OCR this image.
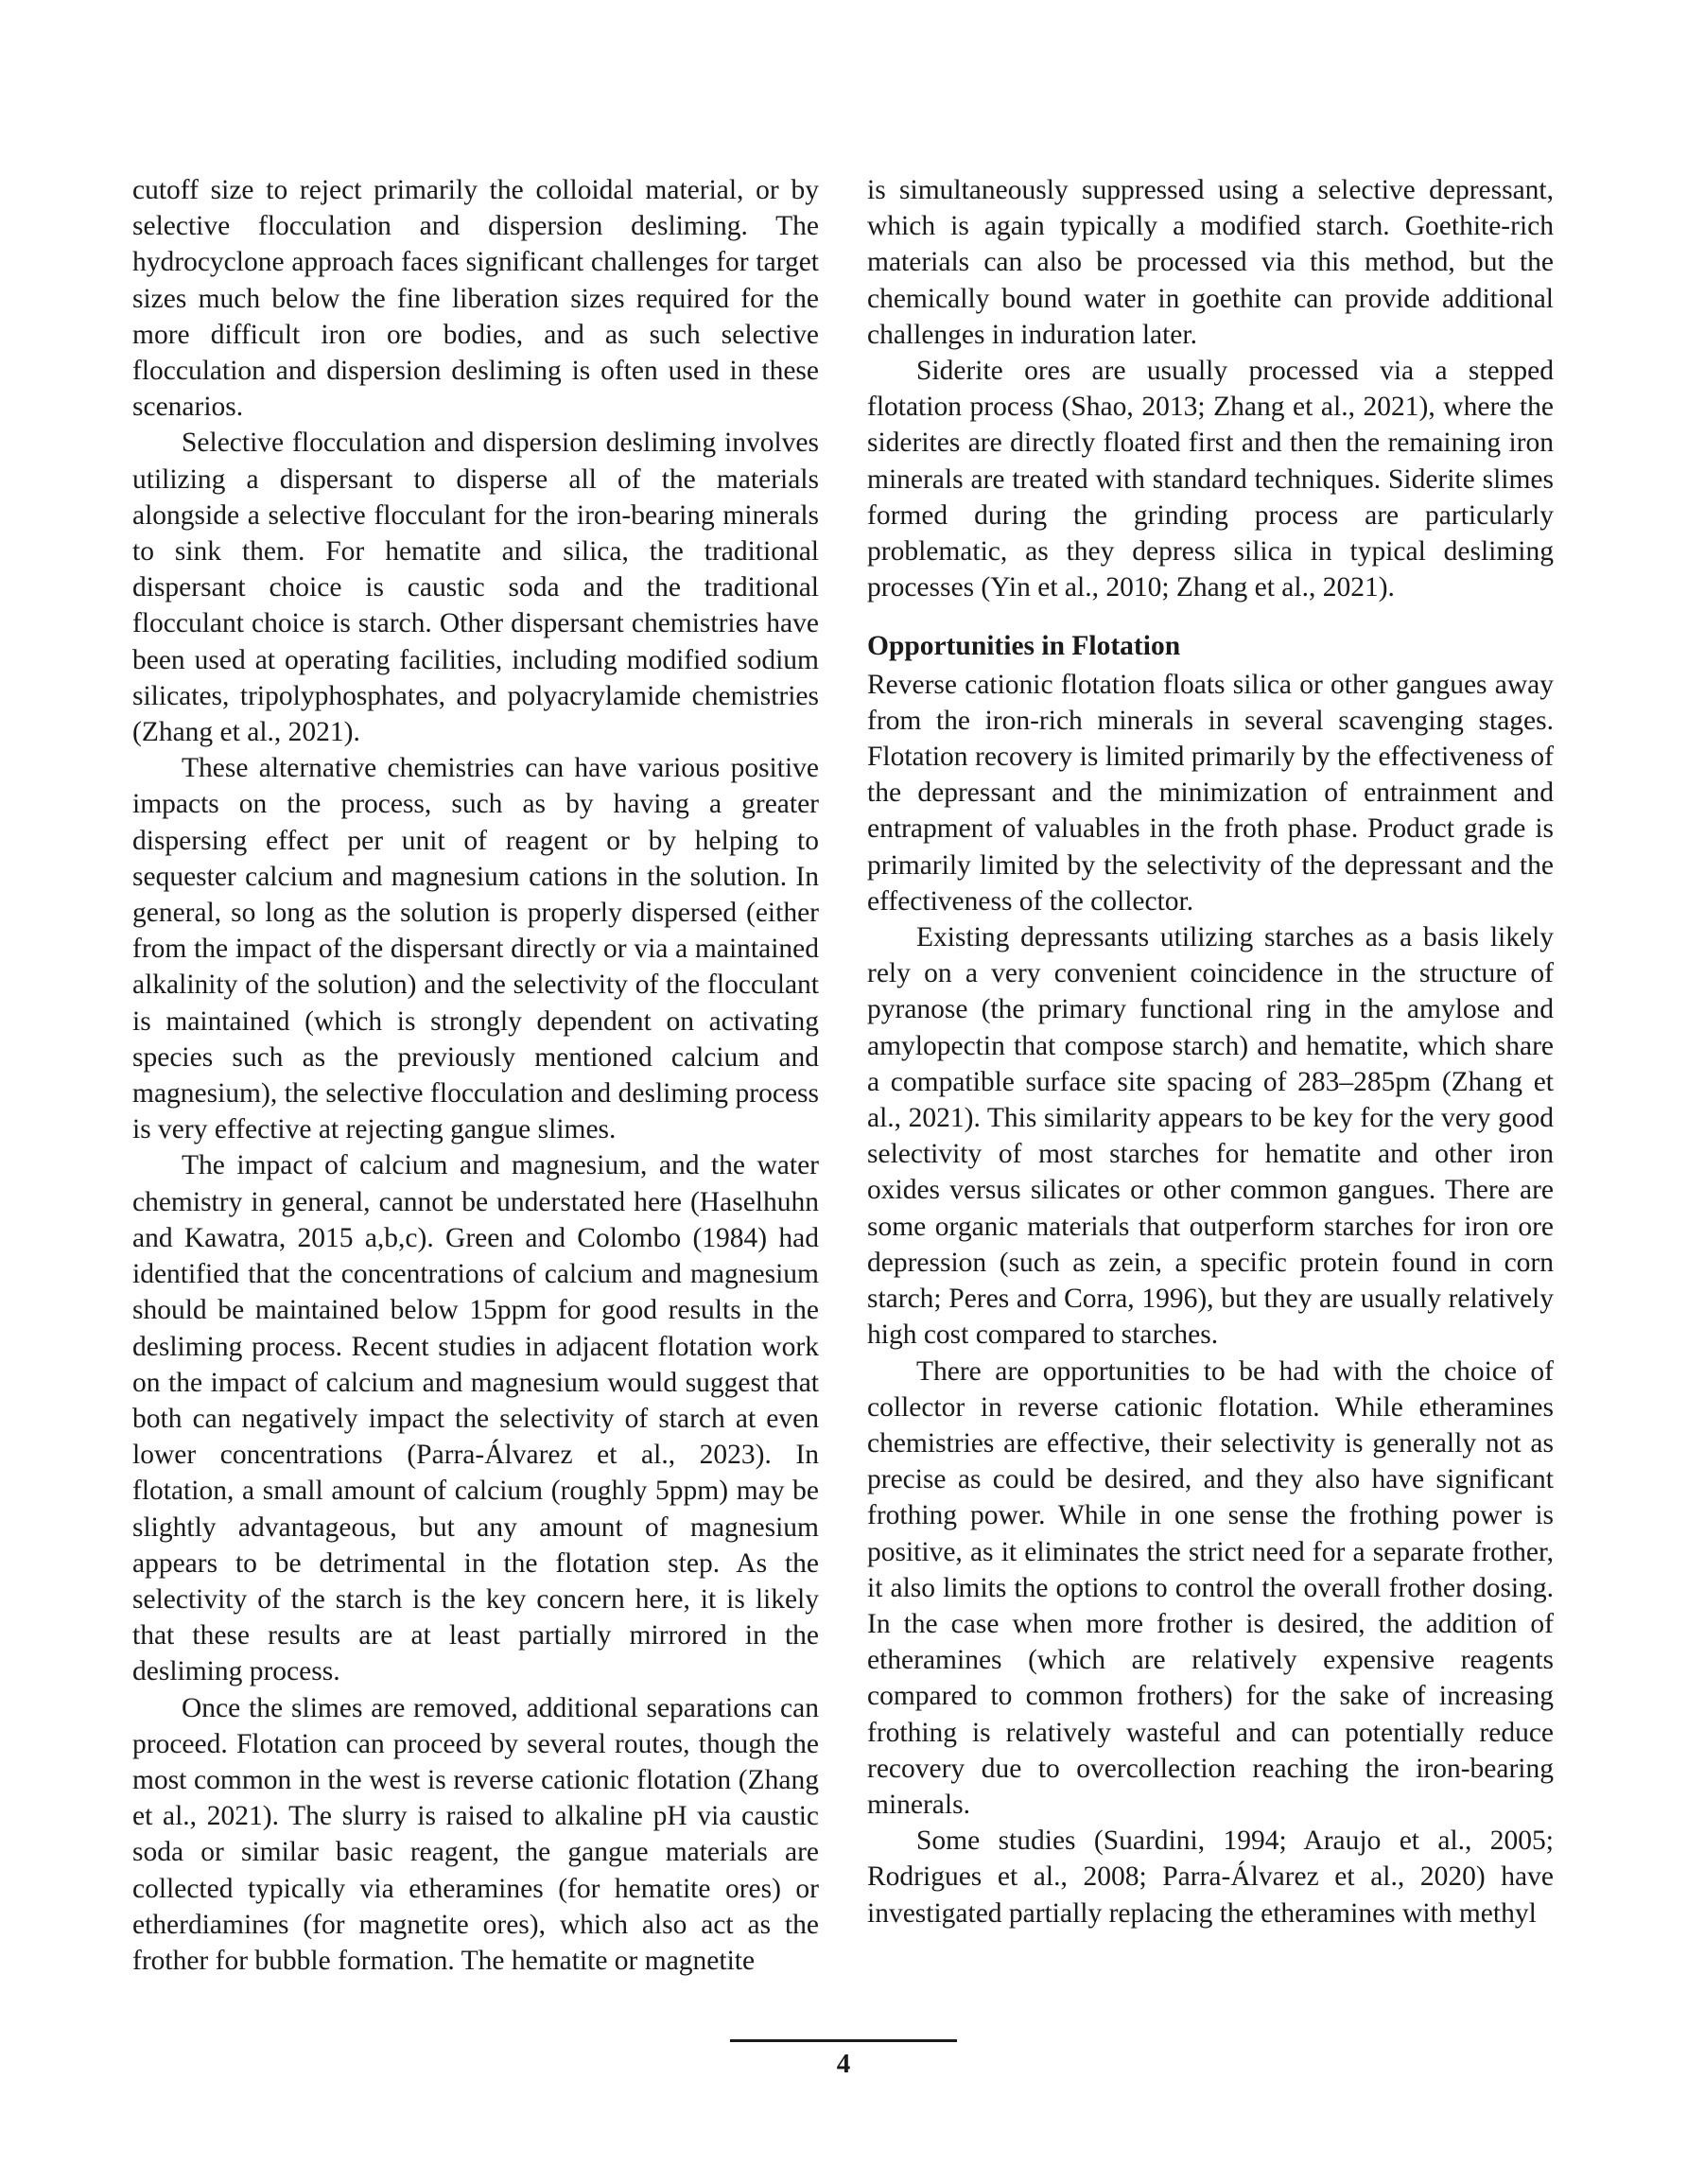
cutoff size to reject primarily the colloidal material, or by selective flocculation and dispersion desliming. The hydrocyclone approach faces significant challenges for target sizes much below the fine liberation sizes required for the more difficult iron ore bodies, and as such selective flocculation and dispersion desliming is often used in these scenarios.

Selective flocculation and dispersion desliming involves utilizing a dispersant to disperse all of the materials alongside a selective flocculant for the iron-bearing minerals to sink them. For hematite and silica, the traditional dispersant choice is caustic soda and the traditional flocculant choice is starch. Other dispersant chemistries have been used at operating facilities, including modified sodium silicates, tripolyphosphates, and polyacrylamide chemistries (Zhang et al., 2021).

These alternative chemistries can have various positive impacts on the process, such as by having a greater dispersing effect per unit of reagent or by helping to sequester calcium and magnesium cations in the solution. In general, so long as the solution is properly dispersed (either from the impact of the dispersant directly or via a maintained alkalinity of the solution) and the selectivity of the flocculant is maintained (which is strongly dependent on activating species such as the previously mentioned calcium and magnesium), the selective flocculation and desliming process is very effective at rejecting gangue slimes.

The impact of calcium and magnesium, and the water chemistry in general, cannot be understated here (Haselhuhn and Kawatra, 2015 a,b,c). Green and Colombo (1984) had identified that the concentrations of calcium and magnesium should be maintained below 15ppm for good results in the desliming process. Recent studies in adjacent flotation work on the impact of calcium and magnesium would suggest that both can negatively impact the selectivity of starch at even lower concentrations (Parra-Álvarez et al., 2023). In flotation, a small amount of calcium (roughly 5ppm) may be slightly advantageous, but any amount of magnesium appears to be detrimental in the flotation step. As the selectivity of the starch is the key concern here, it is likely that these results are at least partially mirrored in the desliming process.

Once the slimes are removed, additional separations can proceed. Flotation can proceed by several routes, though the most common in the west is reverse cationic flotation (Zhang et al., 2021). The slurry is raised to alkaline pH via caustic soda or similar basic reagent, the gangue materials are collected typically via etheramines (for hematite ores) or etherdiamines (for magnetite ores), which also act as the frother for bubble formation. The hematite or magnetite

is simultaneously suppressed using a selective depressant, which is again typically a modified starch. Goethite-rich materials can also be processed via this method, but the chemically bound water in goethite can provide additional challenges in induration later.

Siderite ores are usually processed via a stepped flotation process (Shao, 2013; Zhang et al., 2021), where the siderites are directly floated first and then the remaining iron minerals are treated with standard techniques. Siderite slimes formed during the grinding process are particularly problematic, as they depress silica in typical desliming processes (Yin et al., 2010; Zhang et al., 2021).

Opportunities in Flotation

Reverse cationic flotation floats silica or other gangues away from the iron-rich minerals in several scavenging stages. Flotation recovery is limited primarily by the effectiveness of the depressant and the minimization of entrainment and entrapment of valuables in the froth phase. Product grade is primarily limited by the selectivity of the depressant and the effectiveness of the collector.

Existing depressants utilizing starches as a basis likely rely on a very convenient coincidence in the structure of pyranose (the primary functional ring in the amylose and amylopectin that compose starch) and hematite, which share a compatible surface site spacing of 283–285pm (Zhang et al., 2021). This similarity appears to be key for the very good selectivity of most starches for hematite and other iron oxides versus silicates or other common gangues. There are some organic materials that outperform starches for iron ore depression (such as zein, a specific protein found in corn starch; Peres and Corra, 1996), but they are usually relatively high cost compared to starches.

There are opportunities to be had with the choice of collector in reverse cationic flotation. While etheramines chemistries are effective, their selectivity is generally not as precise as could be desired, and they also have significant frothing power. While in one sense the frothing power is positive, as it eliminates the strict need for a separate frother, it also limits the options to control the overall frother dosing. In the case when more frother is desired, the addition of etheramines (which are relatively expensive reagents compared to common frothers) for the sake of increasing frothing is relatively wasteful and can potentially reduce recovery due to overcollection reaching the iron-bearing minerals.

Some studies (Suardini, 1994; Araujo et al., 2005; Rodrigues et al., 2008; Parra-Álvarez et al., 2020) have investigated partially replacing the etheramines with methyl

4
